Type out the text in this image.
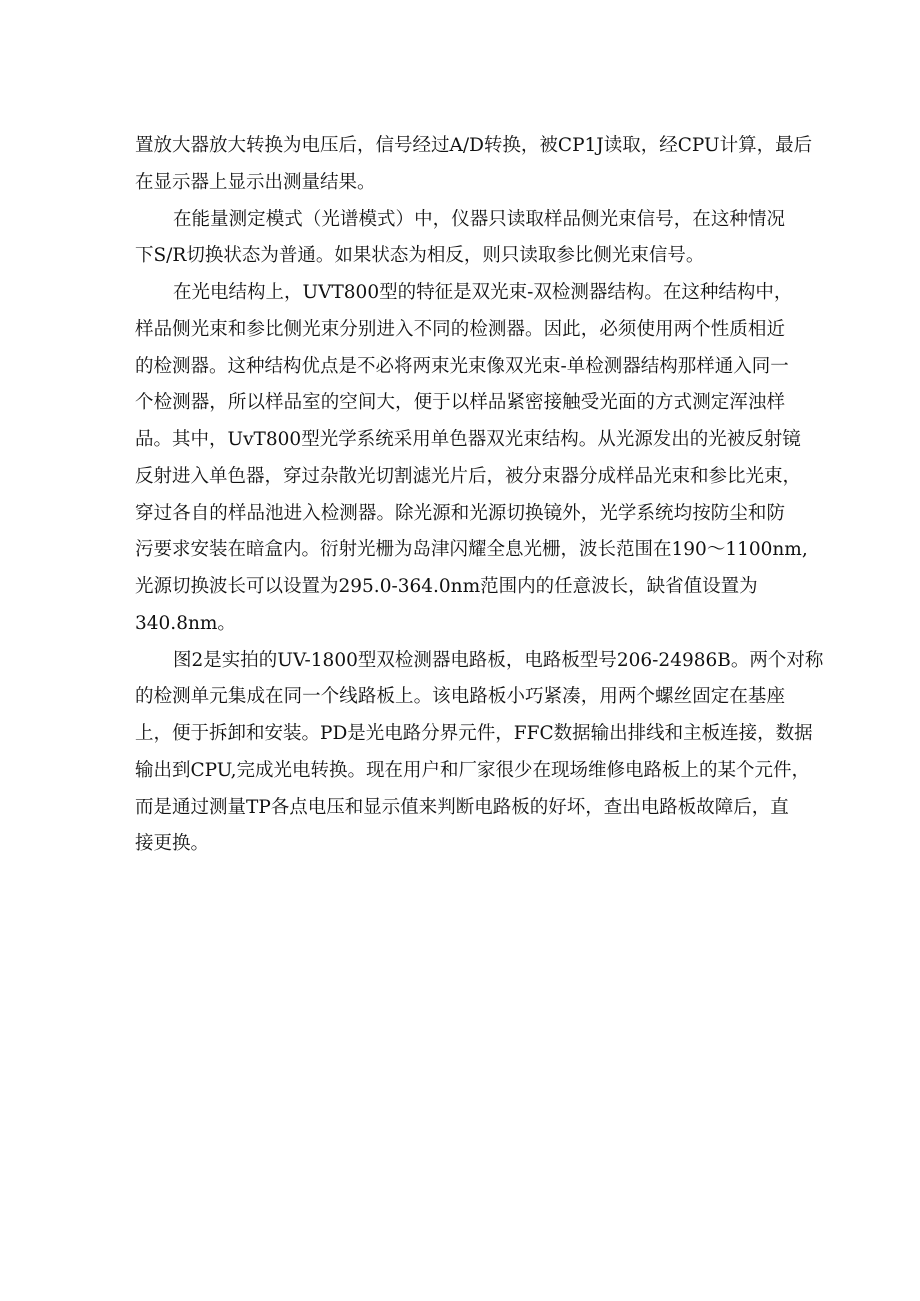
置放大器放大转换为电压后，信号经过A/D转换，被CP1J读取，经CPU计算，最后
在显示器上显示出测量结果。
在能量测定模式（光谱模式）中，仪器只读取样品侧光束信号，在这种情况
下S/R切换状态为普通。如果状态为相反，则只读取参比侧光束信号。
在光电结构上，UVT800型的特征是双光束-双检测器结构。在这种结构中，
样品侧光束和参比侧光束分别进入不同的检测器。因此，必须使用两个性质相近
的检测器。这种结构优点是不必将两束光束像双光束-单检测器结构那样通入同一
个检测器，所以样品室的空间大，便于以样品紧密接触受光面的方式测定浑浊样
品。其中，UvT800型光学系统采用单色器双光束结构。从光源发出的光被反射镜
反射进入单色器，穿过杂散光切割滤光片后，被分束器分成样品光束和参比光束，
穿过各自的样品池进入检测器。除光源和光源切换镜外，光学系统均按防尘和防
污要求安装在暗盒内。衍射光栅为岛津闪耀全息光栅，波长范围在190～1100nm,
光源切换波长可以设置为295.0-364.0nm范围内的任意波长，缺省值设置为
340.8nm。
图2是实拍的UV-1800型双检测器电路板，电路板型号206-24986B。两个对称
的检测单元集成在同一个线路板上。该电路板小巧紧凑，用两个螺丝固定在基座
上，便于拆卸和安装。PD是光电路分界元件，FFC数据输出排线和主板连接，数据
输出到CPU,完成光电转换。现在用户和厂家很少在现场维修电路板上的某个元件，
而是通过测量TP各点电压和显示值来判断电路板的好坏，查出电路板故障后，直
接更换。
